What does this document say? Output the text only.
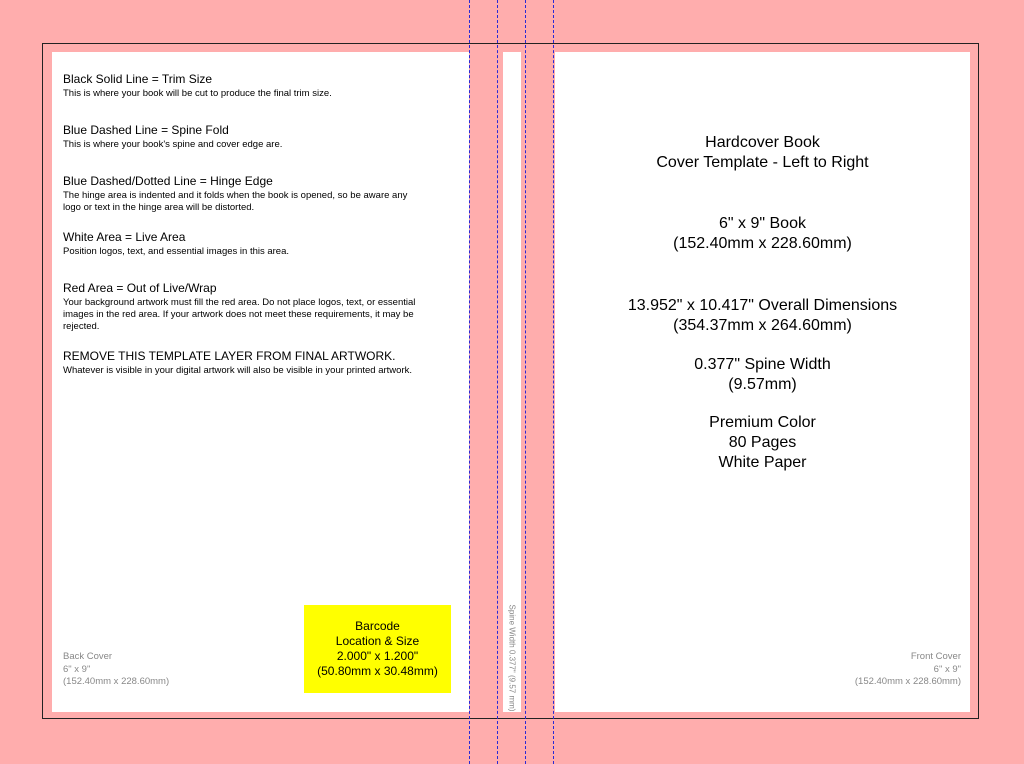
Black Solid Line = Trim Size

This is where your book will be cut to produce the final trim size.

Blue Dashed Line = Spine Fold

This is where your book's spine and cover edge are.

Blue Dashed/Dotted Line = Hinge Edge

The hinge area is indented and it folds when the book is opened, so be aware any logo or text in the hinge area will be distorted.

White Area = Live Area

Position logos, text, and essential images in this area.

Red Area = Out of Live/Wrap

Your background artwork must fill the red area. Do not place logos, text, or essential images in the red area. If your artwork does not meet these requirements, it may be rejected.

REMOVE THIS TEMPLATE LAYER FROM FINAL ARTWORK.

Whatever is visible in your digital artwork will also be visible in your printed artwork.

Back Cover
6" x 9"
(152.40mm x 228.60mm)
Barcode
Location & Size
2.000" x 1.200"
(50.80mm x 30.48mm)	Spine Width 0.377" (9.57 mm)
Hardcover Book
Cover Template - Left to Right
6" x 9" Book
(152.40mm x 228.60mm)
13.952" x 10.417" Overall Dimensions
(354.37mm x 264.60mm)
0.377" Spine Width
(9.57mm)
Premium Color
80 Pages
White Paper
Front Cover
6" x 9"
(152.40mm x 228.60mm)
